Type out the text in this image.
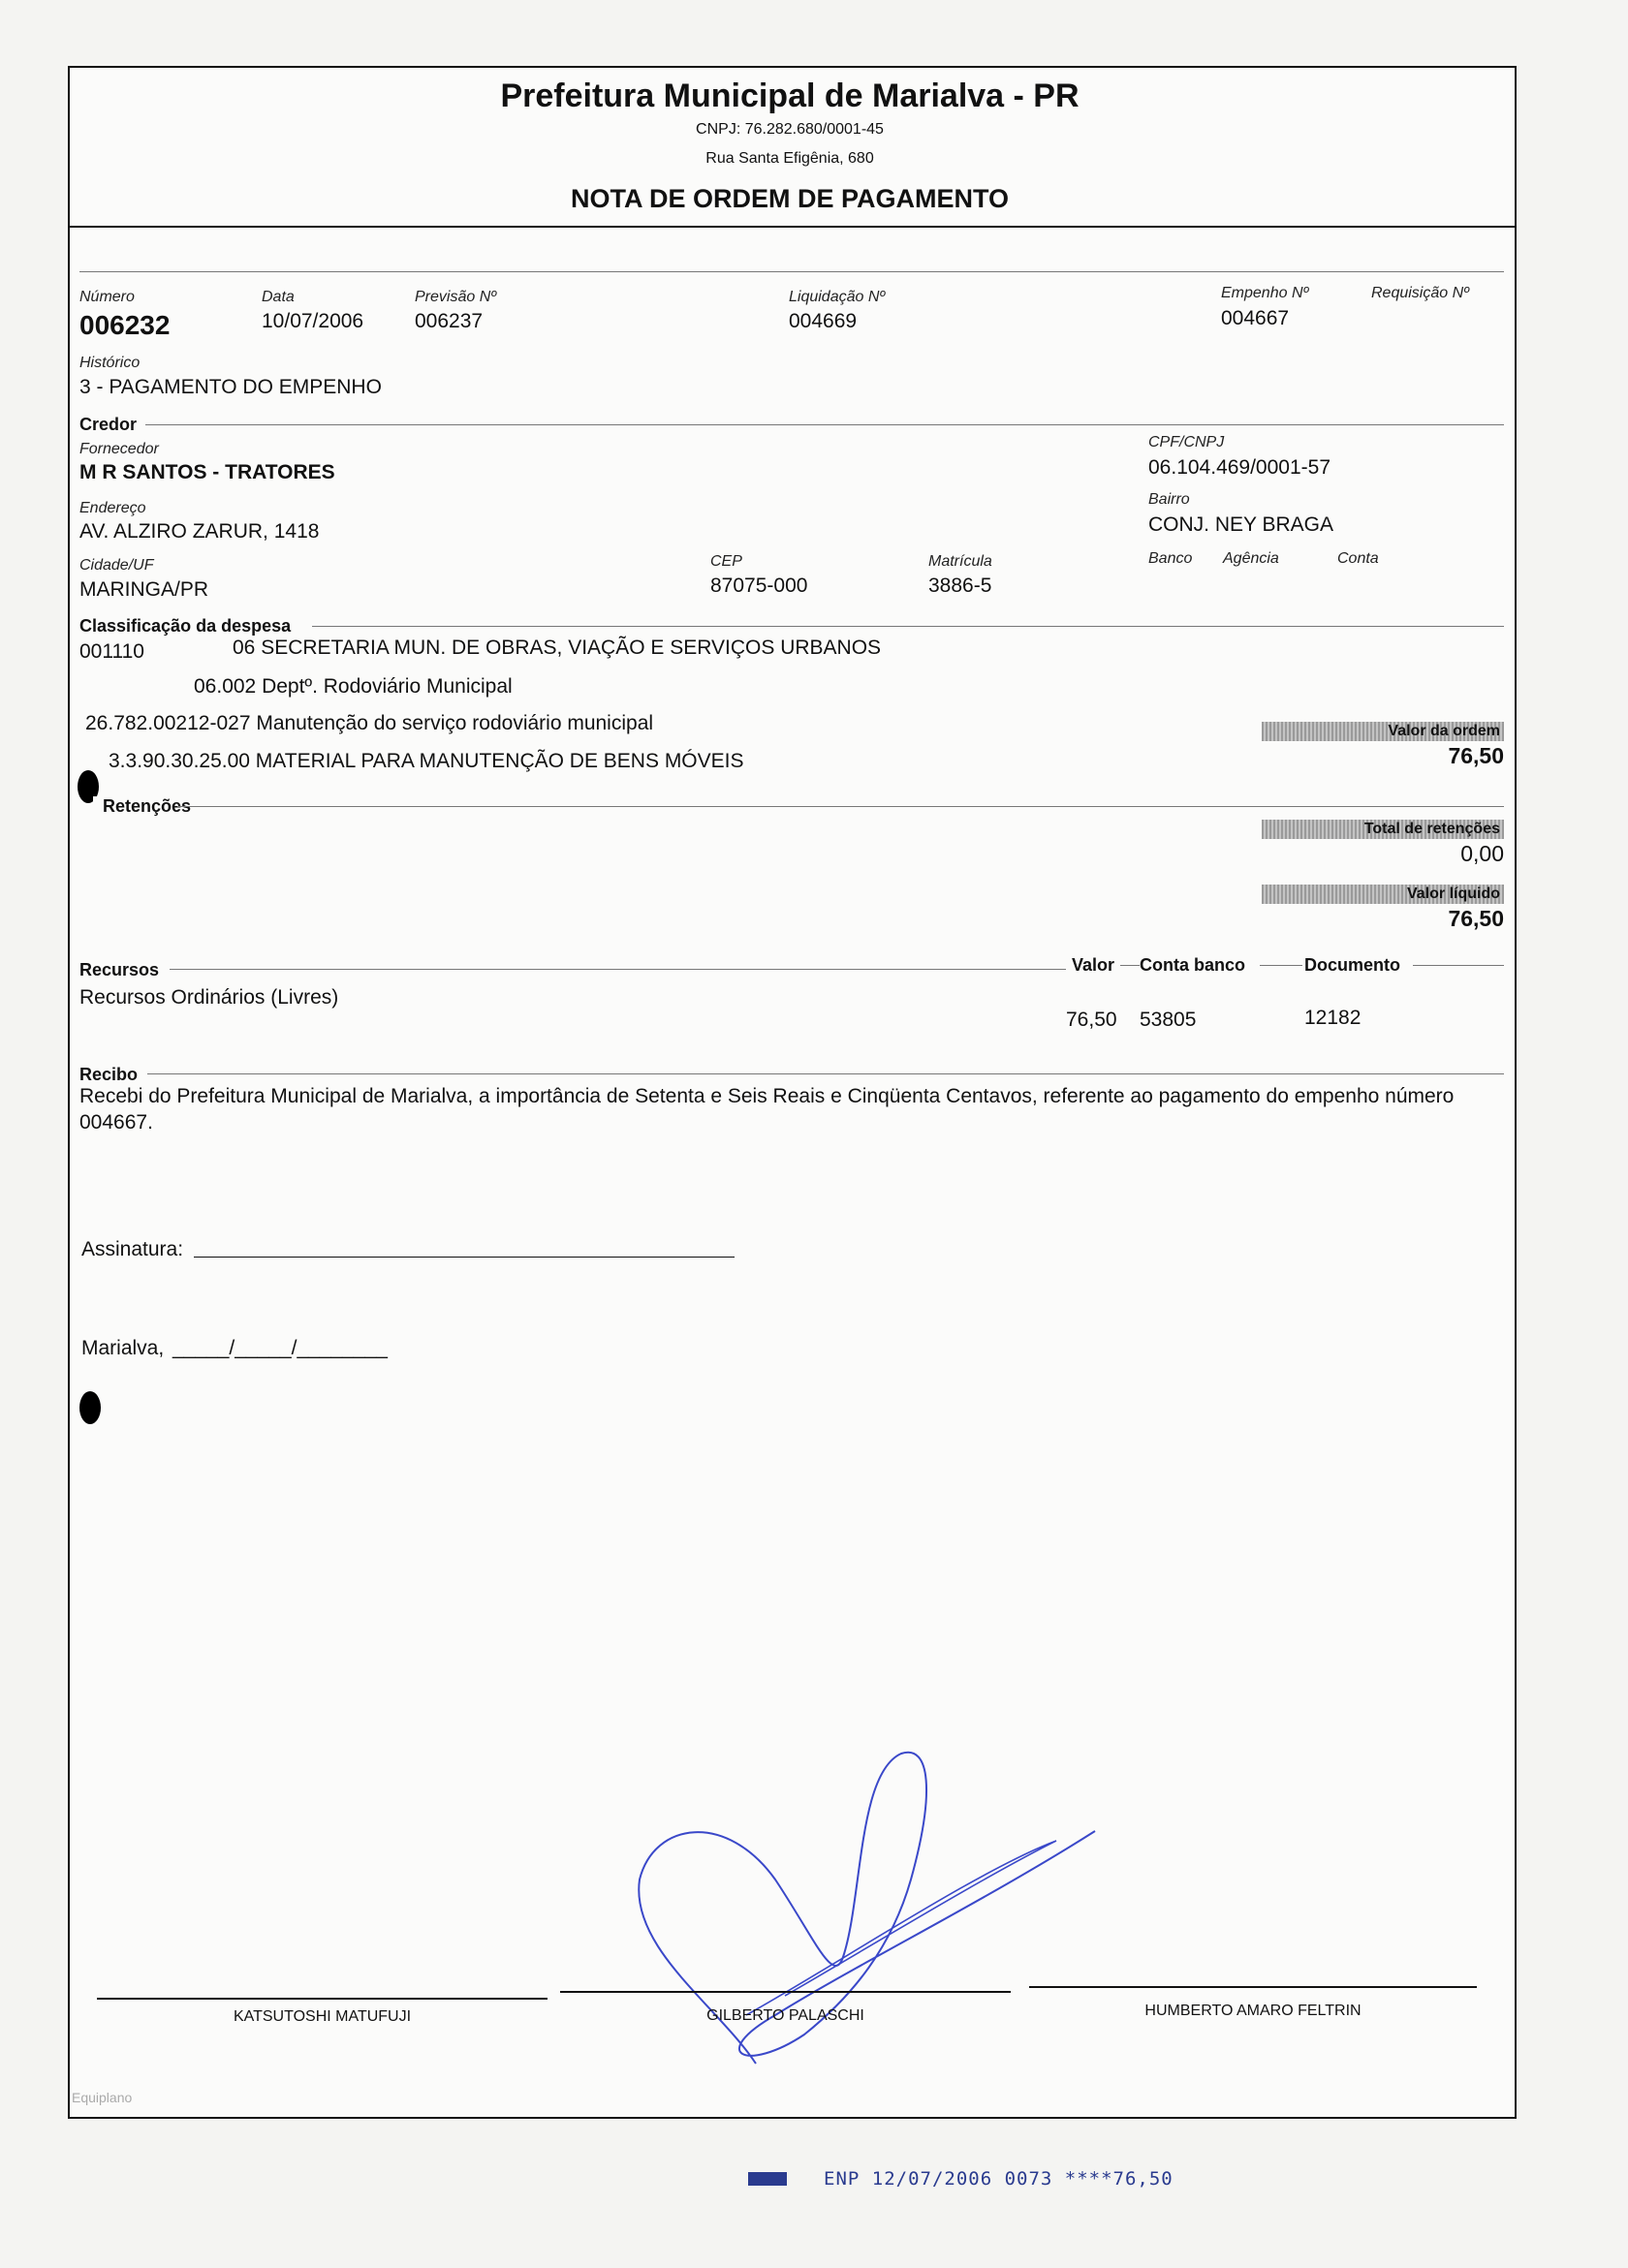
Prefeitura Municipal de Marialva - PR
CNPJ: 76.282.680/0001-45
Rua Santa Efigênia, 680
NOTA DE ORDEM DE PAGAMENTO
Número
006232
Data
10/07/2006
Previsão Nº
006237
Liquidação Nº
004669
Empenho Nº
004667
Requisição Nº
Histórico
3 - PAGAMENTO DO EMPENHO
Credor
Fornecedor
M R SANTOS - TRATORES
CPF/CNPJ
06.104.469/0001-57
Endereço
AV. ALZIRO ZARUR, 1418
Bairro
CONJ. NEY BRAGA
Cidade/UF
MARINGA/PR
CEP
87075-000
Matrícula
3886-5
Banco Agência	Conta
Classificação da despesa
001110	06 SECRETARIA MUN. DE OBRAS, VIAÇÃO E SERVIÇOS URBANOS
06.002 Deptº. Rodoviário Municipal
26.782.00212-027 Manutenção do serviço rodoviário municipal
3.3.90.30.25.00 MATERIAL PARA MANUTENÇÃO DE BENS MÓVEIS
Valor da ordem
76,50
Retenções
Total de retenções
0,00
Valor líquido
76,50
Recursos	Valor Conta banco	Documento
Recursos Ordinários (Livres)
76,50 53805	12182
Recibo
Recebi do Prefeitura Municipal de Marialva, a importância de Setenta e Seis Reais e Cinqüenta Centavos, referente ao pagamento do empenho número 004667.
Assinatura:
Marialva, _____/_____/________
KATSUTOSHI MATUFUJI	GILBERTO PALASCHI	HUMBERTO AMARO FELTRIN
Equiplano
ENP 12/07/2006 0073 ****76,50
